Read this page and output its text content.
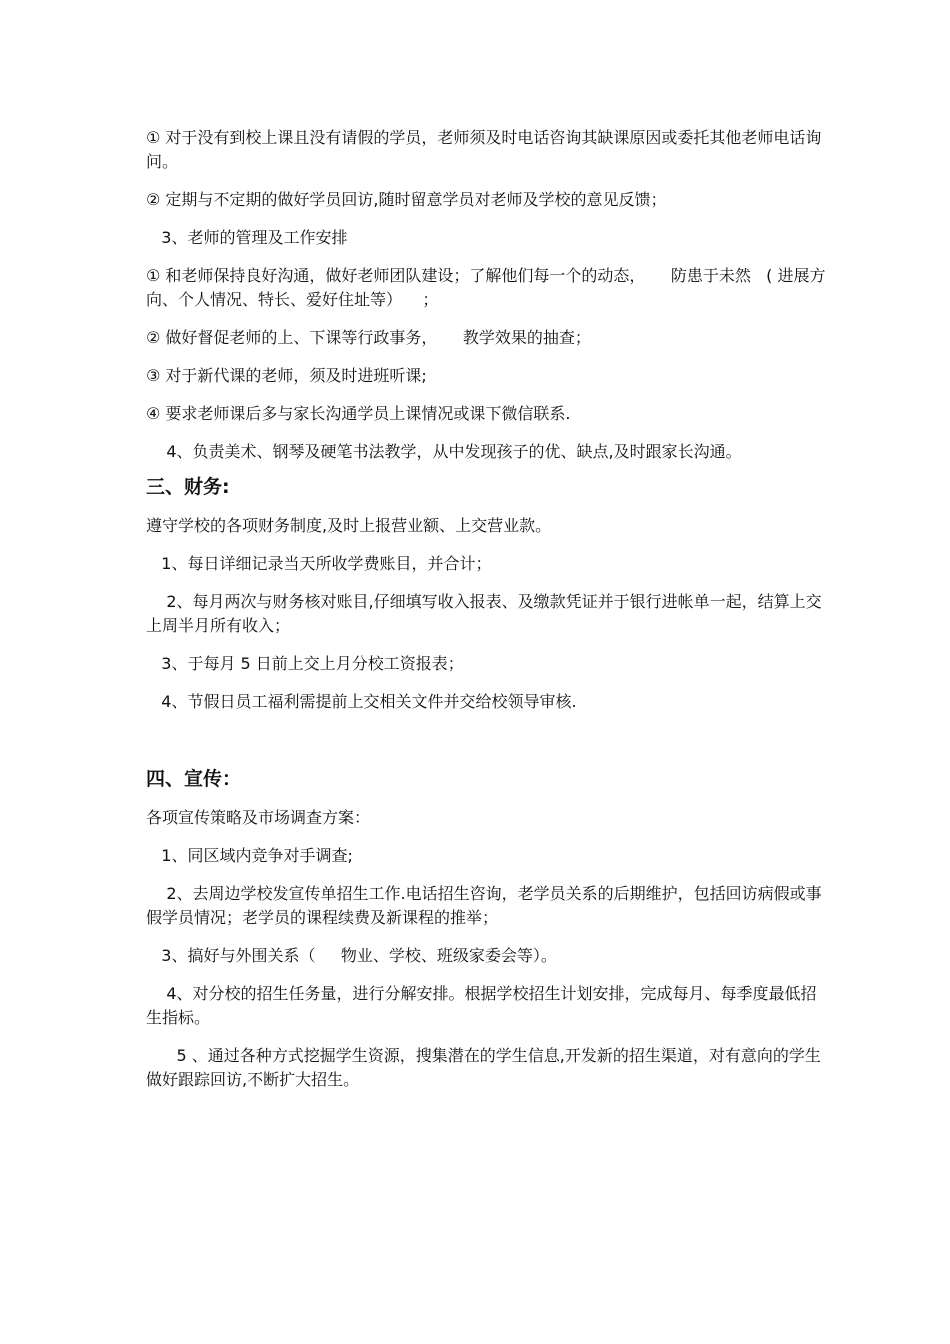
① 对于没有到校上课且没有请假的学员，老师须及时电话咨询其缺课原因或委托其他老师电话询问。

② 定期与不定期的做好学员回访,随时留意学员对老师及学校的意见反馈；

3、老师的管理及工作安排

① 和老师保持良好沟通，做好老师团队建设；了解他们每一个的动态，     防患于未然   ( 进展方向、个人情况、特长、爱好住址等）    ；

② 做好督促老师的上、下课等行政事务，     教学效果的抽查；

③ 对于新代课的老师，须及时进班听课;

④ 要求老师课后多与家长沟通学员上课情况或课下微信联系.

4、负责美术、钢琴及硬笔书法教学，从中发现孩子的优、缺点,及时跟家长沟通。

三、财务:

遵守学校的各项财务制度,及时上报营业额、上交营业款。

1、每日详细记录当天所收学费账目，并合计；

2、每月两次与财务核对账目,仔细填写收入报表、及缴款凭证并于银行进帐单一起，结算上交上周半月所有收入；

3、于每月 5 日前上交上月分校工资报表；

4、节假日员工福利需提前上交相关文件并交给校领导审核.

四、宣传：

各项宣传策略及市场调查方案：

1、同区域内竞争对手调查;

2、去周边学校发宣传单招生工作.电话招生咨询，老学员关系的后期维护，包括回访病假或事假学员情况；老学员的课程续费及新课程的推举；

3、搞好与外围关系（     物业、学校、班级家委会等）。

4、对分校的招生任务量，进行分解安排。根据学校招生计划安排，完成每月、每季度最低招生指标。

5 、通过各种方式挖掘学生资源，搜集潜在的学生信息,开发新的招生渠道，对有意向的学生做好跟踪回访,不断扩大招生。
